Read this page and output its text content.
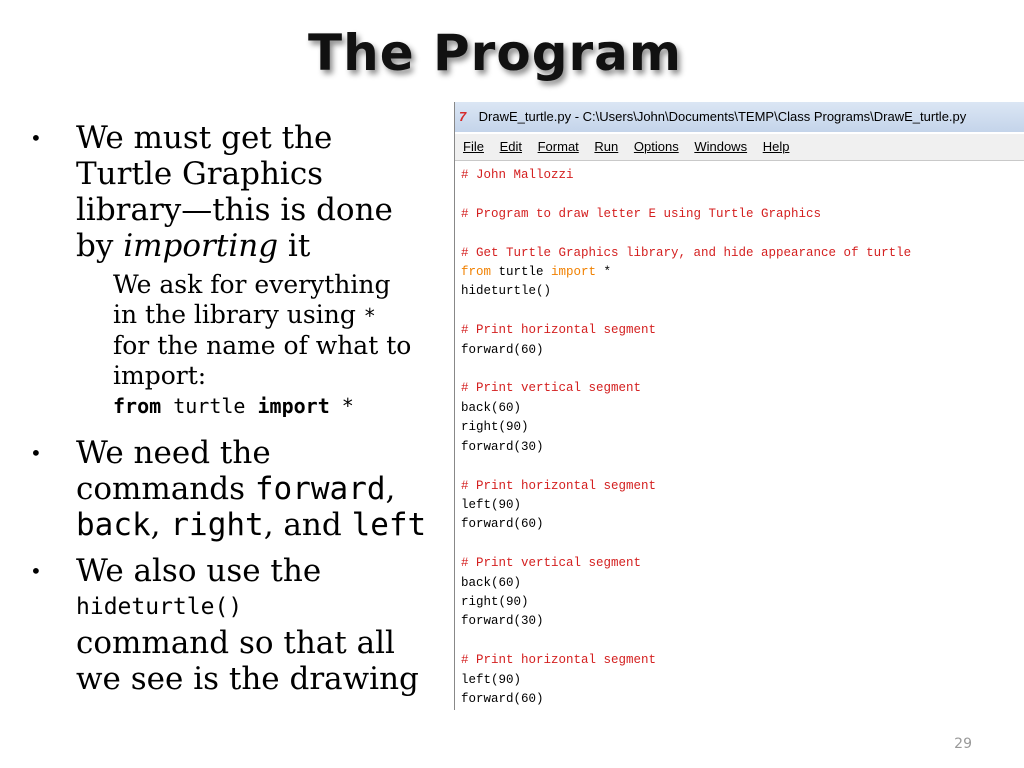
The Program
• We must get the
Turtle Graphics
library—this is done
by importing it
We ask for everything
in the library using *
for the name of what to
import:
from turtle import *
• We need the
commands forward,
back, right, and left
• We also use the
hideturtle()
command so that all
we see is the drawing
7 DrawE_turtle.py - C:\Users\John\Documents\TEMP\Class Programs\DrawE_turtle.py
File Edit Format Run Options Windows Help
# John Mallozzi

# Program to draw letter E using Turtle Graphics

# Get Turtle Graphics library, and hide appearance of turtle
from turtle import *
hideturtle()

# Print horizontal segment
forward(60)

# Print vertical segment
back(60)
right(90)
forward(30)

# Print horizontal segment
left(90)
forward(60)

# Print vertical segment
back(60)
right(90)
forward(30)

# Print horizontal segment
left(90)
forward(60)
29
